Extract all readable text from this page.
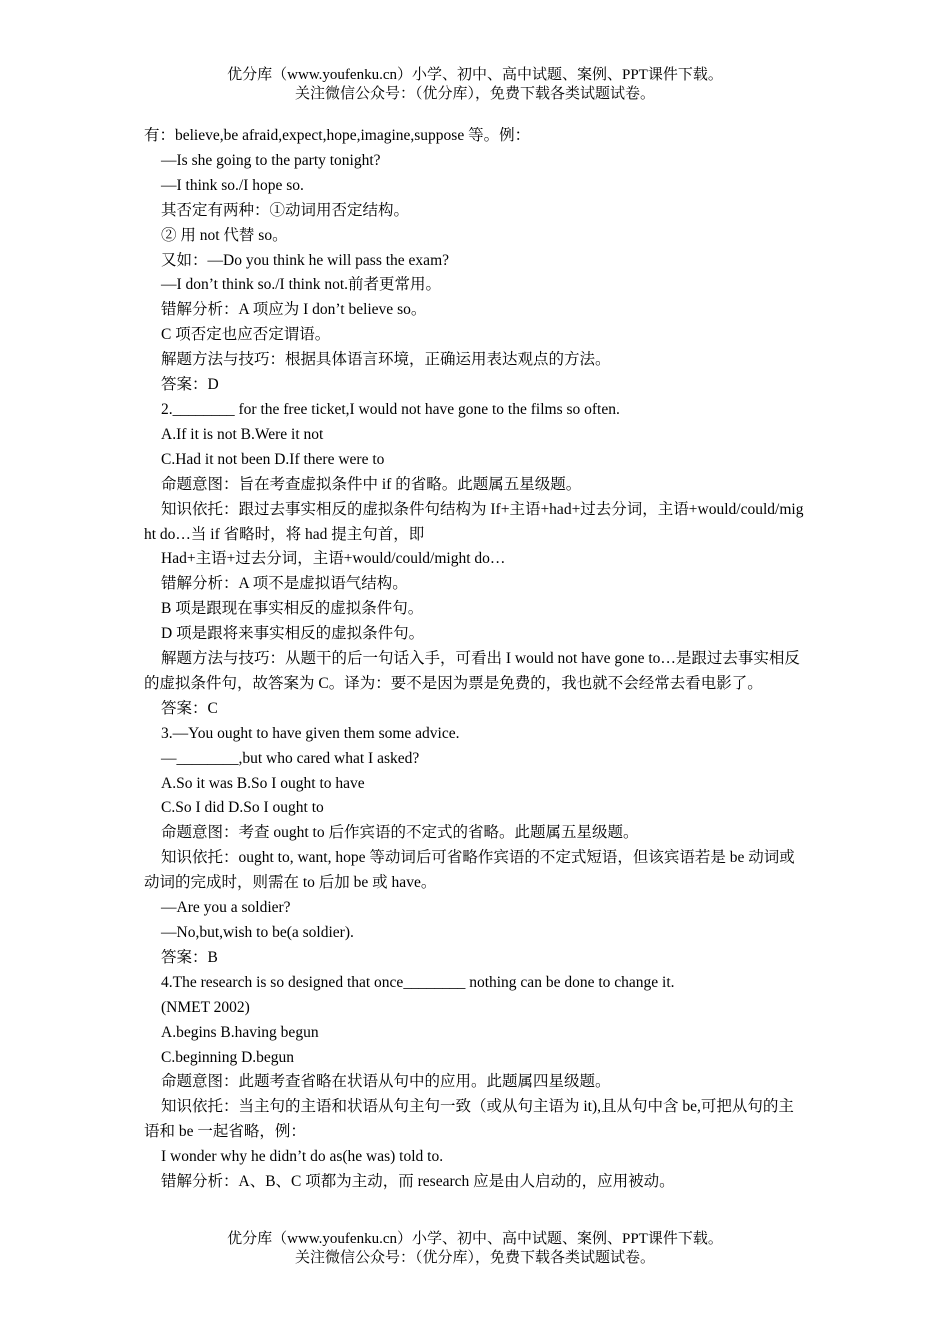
优分库（www.youfenku.cn）小学、初中、高中试题、案例、PPT课件下载。
关注微信公众号：（优分库），免费下载各类试题试卷。
有：believe,be afraid,expect,hope,imagine,suppose 等。例：
—Is she going to the party tonight?
—I think so./I hope so.
其否定有两种：①动词用否定结构。
② 用 not 代替 so。
又如：—Do you think he will pass the exam?
—I don’t think so./I think not.前者更常用。
错解分析：A 项应为 I don’t believe so。
C 项否定也应否定谓语。
解题方法与技巧：根据具体语言环境，正确运用表达观点的方法。
答案：D
2.________ for the free ticket,I would not have gone to the films so often.
A.If it is not B.Were it not
C.Had it not been D.If there were to
命题意图：旨在考查虚拟条件中 if 的省略。此题属五星级题。
知识依托：跟过去事实相反的虚拟条件句结构为 If+主语+had+过去分词，主语+would/could/might do…当 if 省略时，将 had 提主句首，即
Had+主语+过去分词，主语+would/could/might do…
错解分析：A 项不是虚拟语气结构。
B 项是跟现在事实相反的虚拟条件句。
D 项是跟将来事实相反的虚拟条件句。
解题方法与技巧：从题干的后一句话入手，可看出 I would not have gone to…是跟过去事实相反的虚拟条件句，故答案为 C。译为：要不是因为票是免费的，我也就不会经常去看电影了。
答案：C
3.—You ought to have given them some advice.
—________,but who cared what I asked?
A.So it was B.So I ought to have
C.So I did D.So I ought to
命题意图：考查 ought to 后作宾语的不定式的省略。此题属五星级题。
知识依托：ought to, want, hope 等动词后可省略作宾语的不定式短语，但该宾语若是 be 动词或动词的完成时，则需在 to 后加 be 或 have。
—Are you a soldier?
—No,but,wish to be(a soldier).
答案：B
4.The research is so designed that once________ nothing can be done to change it.
(NMET 2002)
A.begins B.having begun
C.beginning D.begun
命题意图：此题考查省略在状语从句中的应用。此题属四星级题。
知识依托：当主句的主语和状语从句主句一致（或从句主语为 it),且从句中含 be,可把从句的主语和 be 一起省略，例：
I wonder why he didn’t do as(he was) told to.
错解分析：A、B、C 项都为主动，而 research 应是由人启动的，应用被动。
优分库（www.youfenku.cn）小学、初中、高中试题、案例、PPT课件下载。
关注微信公众号：（优分库），免费下载各类试题试卷。
